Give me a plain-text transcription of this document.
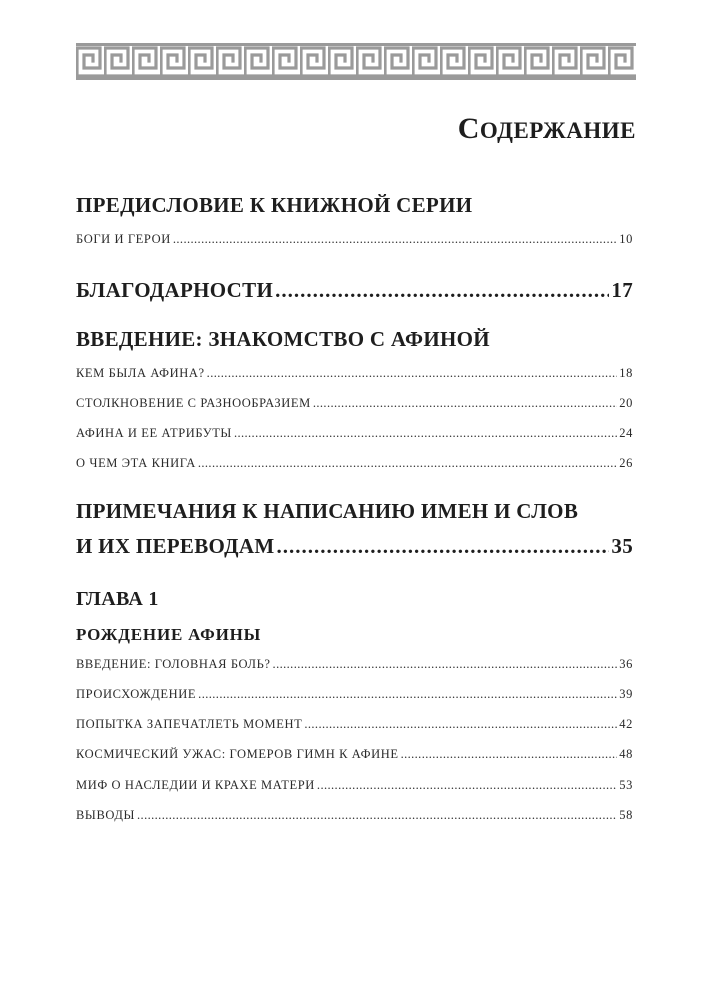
СОДЕРЖАНИЕ
ПРЕДИСЛОВИЕ К КНИЖНОЙ СЕРИИ
БОГИ И ГЕРОИ .....	10
БЛАГОДАРНОСТИ .....	17
ВВЕДЕНИЕ: ЗНАКОМСТВО С АФИНОЙ
КЕМ БЫЛА АФИНА? .....	18
СТОЛКНОВЕНИЕ С РАЗНООБРАЗИЕМ .....	20
АФИНА И ЕЕ АТРИБУТЫ .....	24
О ЧЕМ ЭТА КНИГА .....	26
ПРИМЕЧАНИЯ К НАПИСАНИЮ ИМЕН И СЛОВ
И ИХ ПЕРЕВОДАМ .....	35
ГЛАВА 1
РОЖДЕНИЕ АФИНЫ
ВВЕДЕНИЕ: ГОЛОВНАЯ БОЛЬ? .....	36
ПРОИСХОЖДЕНИЕ .....	39
ПОПЫТКА ЗАПЕЧАТЛЕТЬ МОМЕНТ .....	42
КОСМИЧЕСКИЙ УЖАС: ГОМЕРОВ ГИМН К АФИНЕ .....	48
МИФ О НАСЛЕДИИ И КРАХЕ МАТЕРИ .....	53
ВЫВОДЫ .....	58
